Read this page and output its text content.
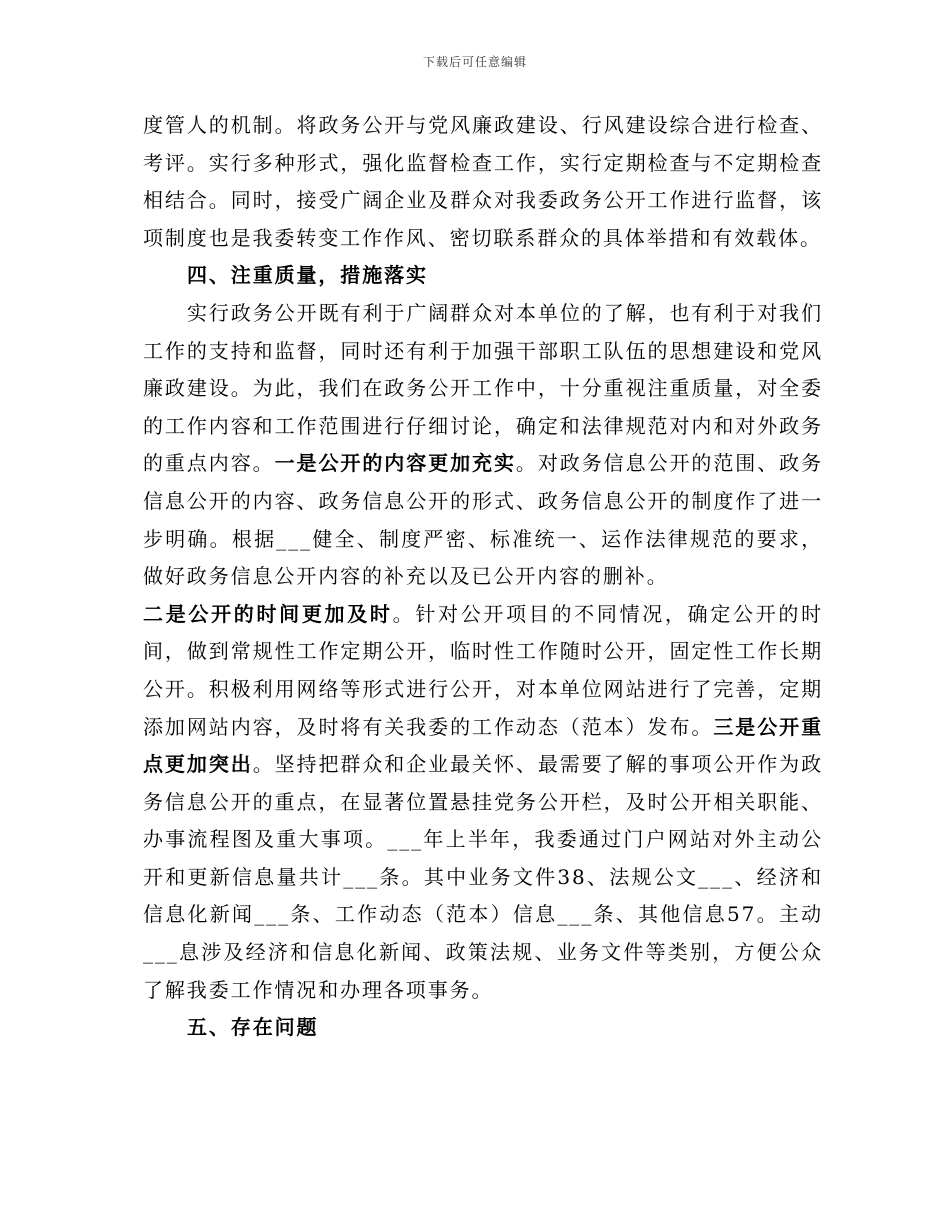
下载后可任意编辑

度管人的机制。将政务公开与党风廉政建设、行风建设综合进行检查、考评。实行多种形式，强化监督检查工作，实行定期检查与不定期检查相结合。同时，接受广阔企业及群众对我委政务公开工作进行监督，该项制度也是我委转变工作作风、密切联系群众的具体举措和有效载体。

四、注重质量，措施落实

实行政务公开既有利于广阔群众对本单位的了解，也有利于对我们工作的支持和监督，同时还有利于加强干部职工队伍的思想建设和党风廉政建设。为此，我们在政务公开工作中，十分重视注重质量，对全委的工作内容和工作范围进行仔细讨论，确定和法律规范对内和对外政务的重点内容。一是公开的内容更加充实。对政务信息公开的范围、政务信息公开的内容、政务信息公开的形式、政务信息公开的制度作了进一步明确。根据___健全、制度严密、标准统一、运作法律规范的要求，做好政务信息公开内容的补充以及已公开内容的删补。
二是公开的时间更加及时。针对公开项目的不同情况，确定公开的时间，做到常规性工作定期公开，临时性工作随时公开，固定性工作长期公开。积极利用网络等形式进行公开，对本单位网站进行了完善，定期添加网站内容，及时将有关我委的工作动态（范本）发布。三是公开重点更加突出。坚持把群众和企业最关怀、最需要了解的事项公开作为政务信息公开的重点，在显著位置悬挂党务公开栏，及时公开相关职能、办事流程图及重大事项。___年上半年，我委通过门户网站对外主动公开和更新信息量共计___条。其中业务文件38、法规公文___、经济和信息化新闻___条、工作动态（范本）信息___条、其他信息57。主动___息涉及经济和信息化新闻、政策法规、业务文件等类别，方便公众了解我委工作情况和办理各项事务。

五、存在问题
